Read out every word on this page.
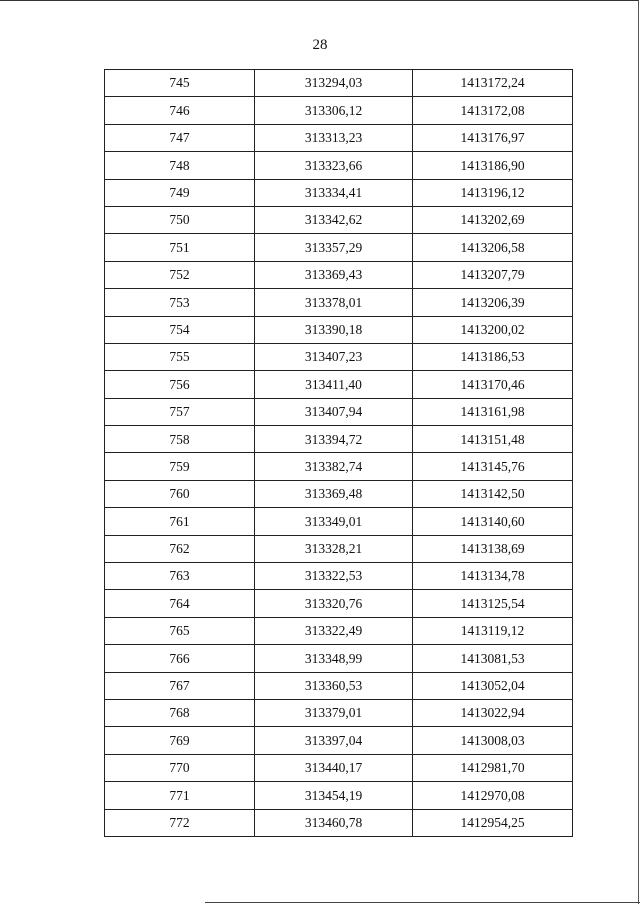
28
745	313294,03	1413172,24
746	313306,12	1413172,08
747	313313,23	1413176,97
748	313323,66	1413186,90
749	313334,41	1413196,12
750	313342,62	1413202,69
751	313357,29	1413206,58
752	313369,43	1413207,79
753	313378,01	1413206,39
754	313390,18	1413200,02
755	313407,23	1413186,53
756	313411,40	1413170,46
757	313407,94	1413161,98
758	313394,72	1413151,48
759	313382,74	1413145,76
760	313369,48	1413142,50
761	313349,01	1413140,60
762	313328,21	1413138,69
763	313322,53	1413134,78
764	313320,76	1413125,54
765	313322,49	1413119,12
766	313348,99	1413081,53
767	313360,53	1413052,04
768	313379,01	1413022,94
769	313397,04	1413008,03
770	313440,17	1412981,70
771	313454,19	1412970,08
772	313460,78	1412954,25
